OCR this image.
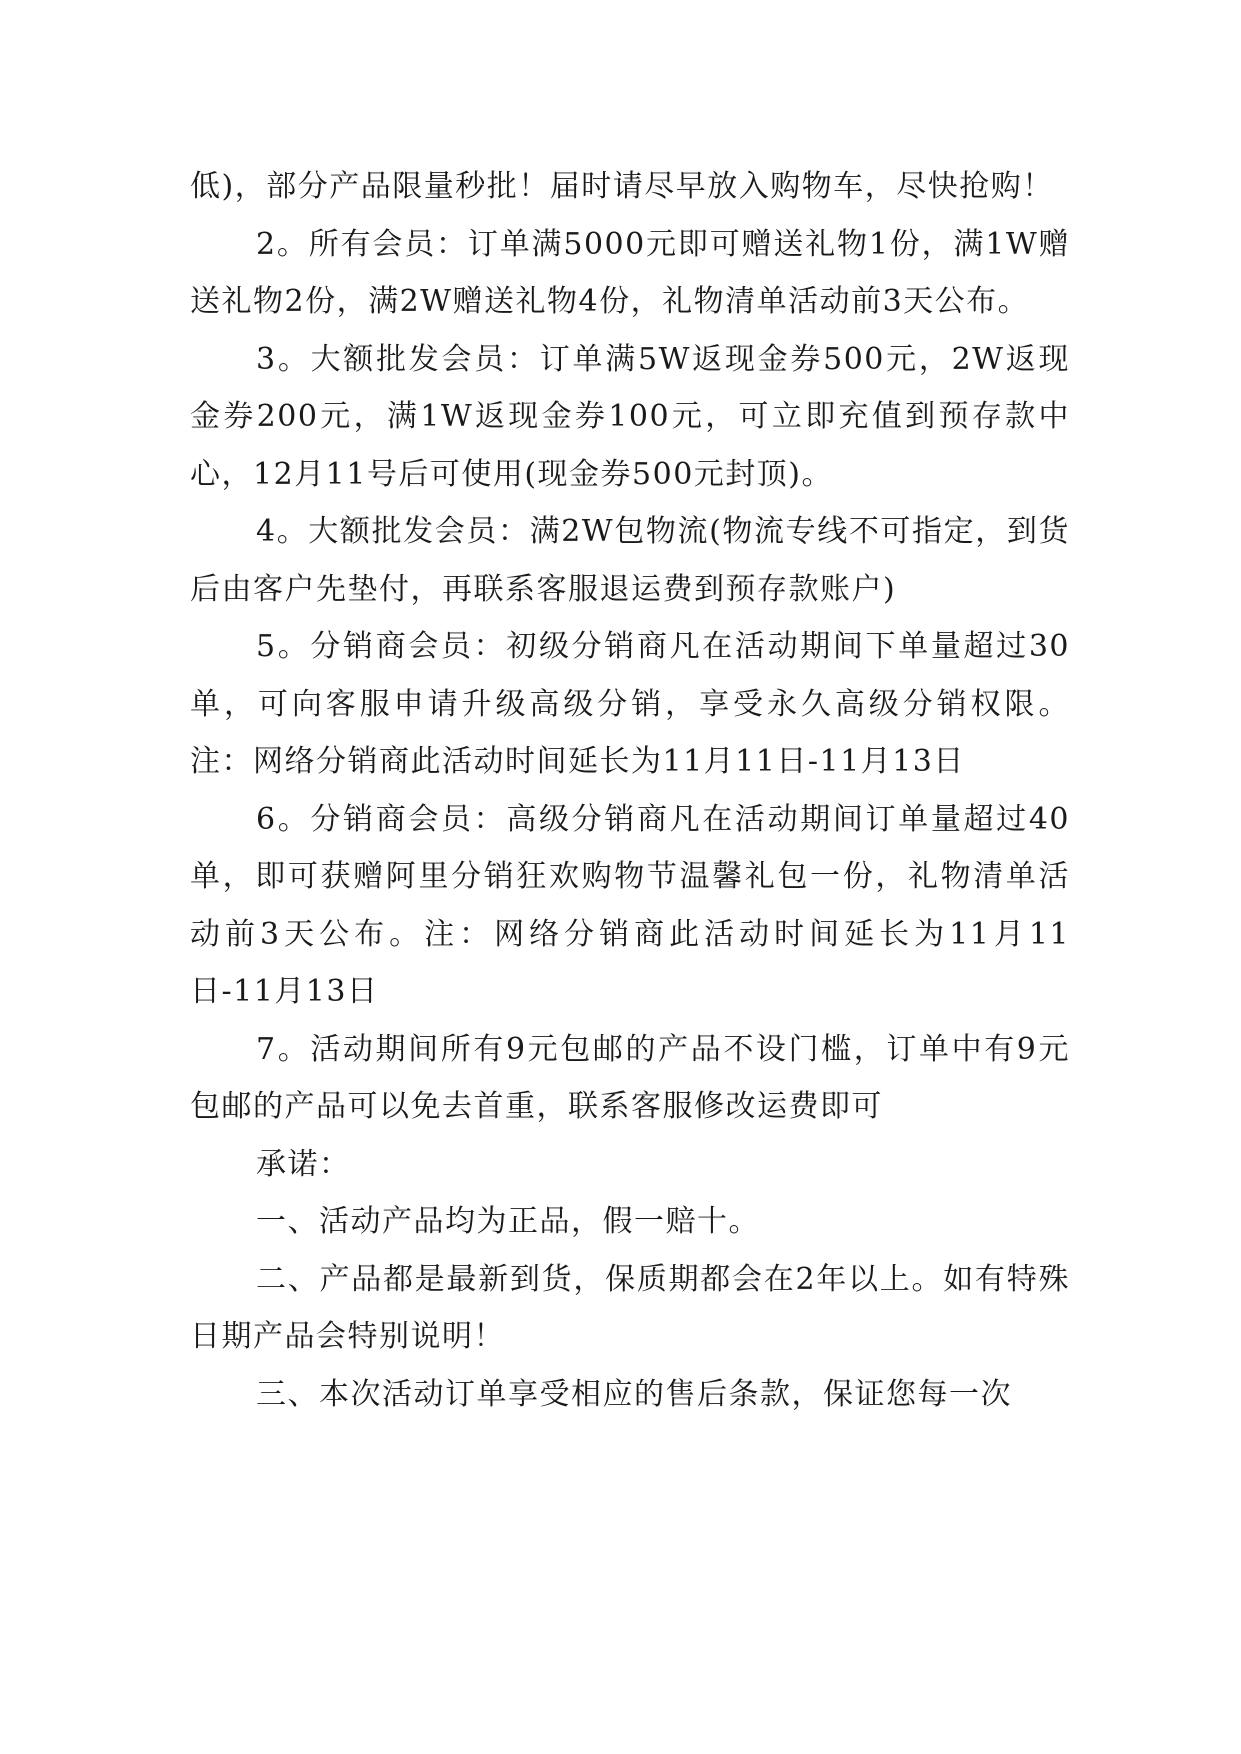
低)，部分产品限量秒批！届时请尽早放入购物车，尽快抢购！

2。所有会员：订单满5000元即可赠送礼物1份，满1W赠送礼物2份，满2W赠送礼物4份，礼物清单活动前3天公布。

3。大额批发会员：订单满5W返现金券500元，2W返现金券200元，满1W返现金券100元，可立即充值到预存款中心，12月11号后可使用(现金券500元封顶)。

4。大额批发会员：满2W包物流(物流专线不可指定，到货后由客户先垫付，再联系客服退运费到预存款账户)

5。分销商会员：初级分销商凡在活动期间下单量超过30单，可向客服申请升级高级分销，享受永久高级分销权限。注：网络分销商此活动时间延长为11月11日-11月13日

6。分销商会员：高级分销商凡在活动期间订单量超过40单，即可获赠阿里分销狂欢购物节温馨礼包一份，礼物清单活动前3天公布。注：网络分销商此活动时间延长为11月11日-11月13日

7。活动期间所有9元包邮的产品不设门槛，订单中有9元包邮的产品可以免去首重，联系客服修改运费即可

承诺：

一、活动产品均为正品，假一赔十。

二、产品都是最新到货，保质期都会在2年以上。如有特殊日期产品会特别说明！

三、本次活动订单享受相应的售后条款，保证您每一次
